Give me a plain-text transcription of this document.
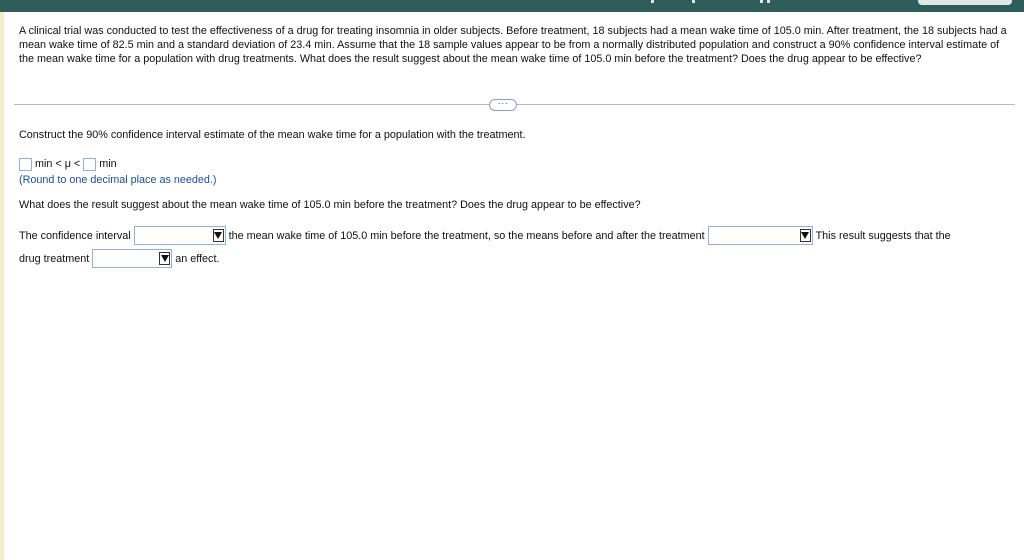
A clinical trial was conducted to test the effectiveness of a drug for treating insomnia in older subjects. Before treatment, 18 subjects had a mean wake time of 105.0 min. After treatment, the 18 subjects had a mean wake time of 82.5 min and a standard deviation of 23.4 min. Assume that the 18 sample values appear to be from a normally distributed population and construct a 90% confidence interval estimate of the mean wake time for a population with drug treatments. What does the result suggest about the mean wake time of 105.0 min before the treatment? Does the drug appear to be effective?

···
Construct the 90% confidence interval estimate of the mean wake time for a population with the treatment.
min < μ < min
(Round to one decimal place as needed.)
What does the result suggest about the mean wake time of 105.0 min before the treatment? Does the drug appear to be effective?
The confidence interval	the mean wake time of 105.0 min before the treatment, so the means before and after the treatment	This result suggests that the
drug treatment	an effect.
